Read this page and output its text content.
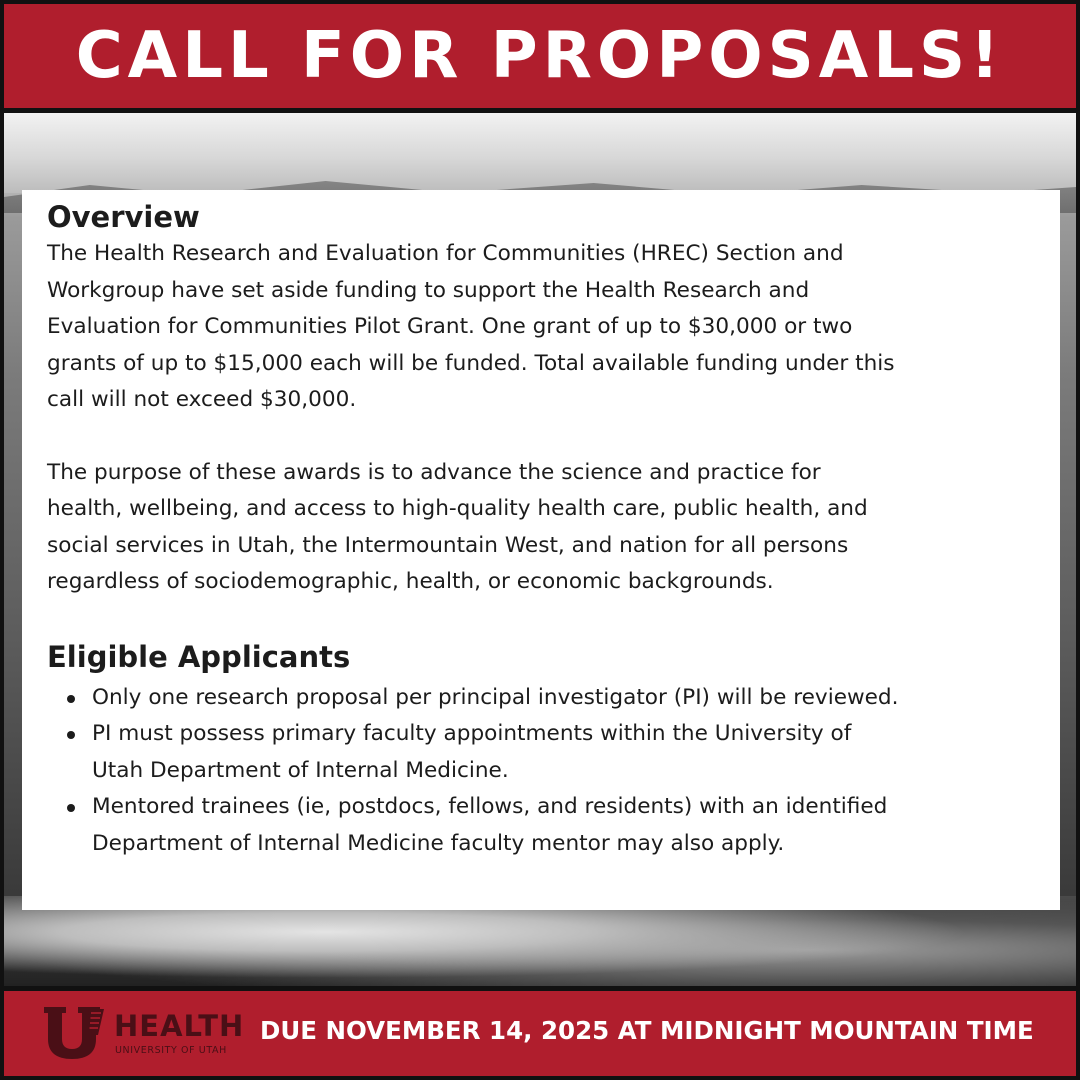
CALL FOR PROPOSALS!
Overview

The Health Research and Evaluation for Communities (HREC) Section and
Workgroup have set aside funding to support the Health Research and
Evaluation for Communities Pilot Grant. One grant of up to $30,000 or two
grants of up to $15,000 each will be funded. Total available funding under this
call will not exceed $30,000.

The purpose of these awards is to advance the science and practice for
health, wellbeing, and access to high-quality health care, public health, and
social services in Utah, the Intermountain West, and nation for all persons
regardless of sociodemographic, health, or economic backgrounds.

Eligible Applicants
Only one research proposal per principal investigator (PI) will be reviewed.
PI must possess primary faculty appointments within the University of
Utah Department of Internal Medicine.
Mentored trainees (ie, postdocs, fellows, and residents) with an identified
Department of Internal Medicine faculty mentor may also apply.
HEALTH
UNIVERSITY OF UTAH
DUE NOVEMBER 14, 2025 AT MIDNIGHT MOUNTAIN TIME
